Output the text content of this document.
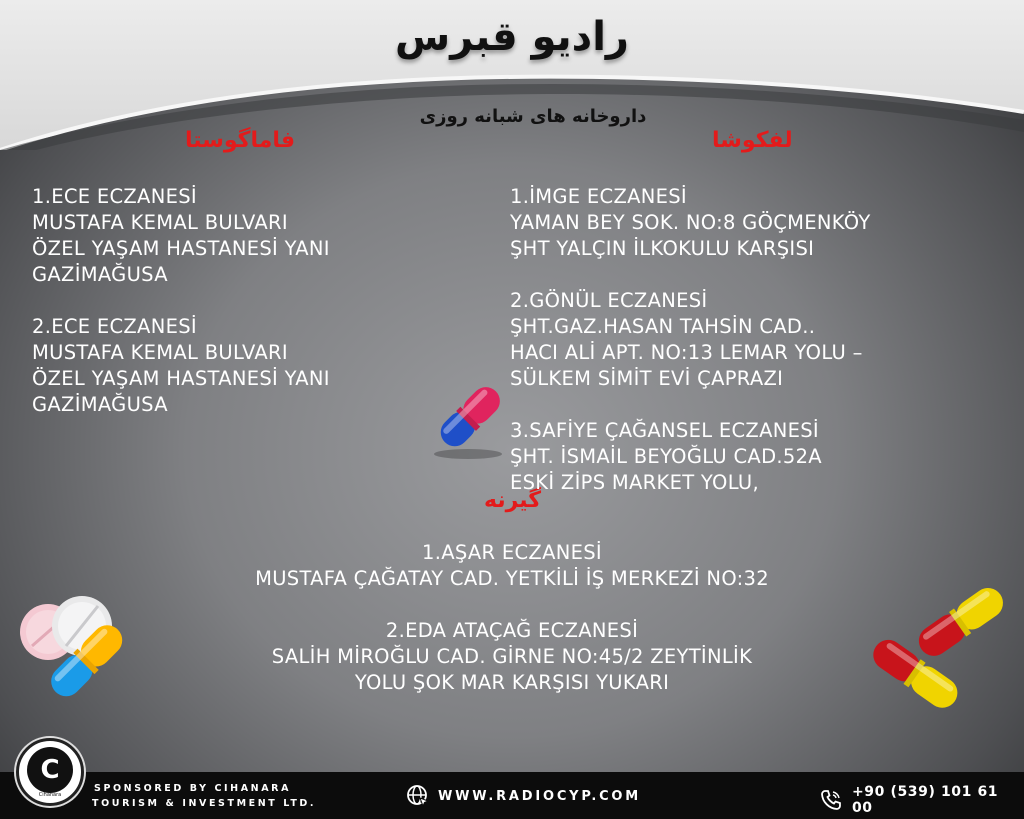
رادیو قبرس
داروخانه های شبانه روزی
فاماگوستا	لفکوشا
گیرنه
1.ECE ECZANESİ
MUSTAFA KEMAL BULVARI
ÖZEL YAŞAM HASTANESİ YANI
GAZİMAĞUSA
2.ECE ECZANESİ
MUSTAFA KEMAL BULVARI
ÖZEL YAŞAM HASTANESİ YANI
GAZİMAĞUSA
1.İMGE ECZANESİ
YAMAN BEY SOK. NO:8 GÖÇMENKÖY
ŞHT YALÇIN İLKOKULU KARŞISI
2.GÖNÜL ECZANESİ
ŞHT.GAZ.HASAN TAHSİN CAD..
HACI ALİ APT. NO:13 LEMAR YOLU –
SÜLKEM SİMİT EVİ ÇAPRAZI
3.SAFİYE ÇAĞANSEL ECZANESİ
ŞHT. İSMAİL BEYOĞLU CAD.52A
ESKİ ZİPS MARKET YOLU,
1.AŞAR ECZANESİ
MUSTAFA ÇAĞATAY CAD. YETKİLİ İŞ MERKEZİ NO:32
2.EDA ATAÇAĞ ECZANESİ
SALİH MİROĞLU CAD. GİRNE NO:45/2 ZEYTİNLİK
YOLU ŞOK MAR KARŞISI YUKARI
C
Cihanara
SPONSORED BY CIHANARA
TOURISM & INVESTMENT LTD.	WWW.RADIOCYP.COM	+90 (539) 101 61 00
